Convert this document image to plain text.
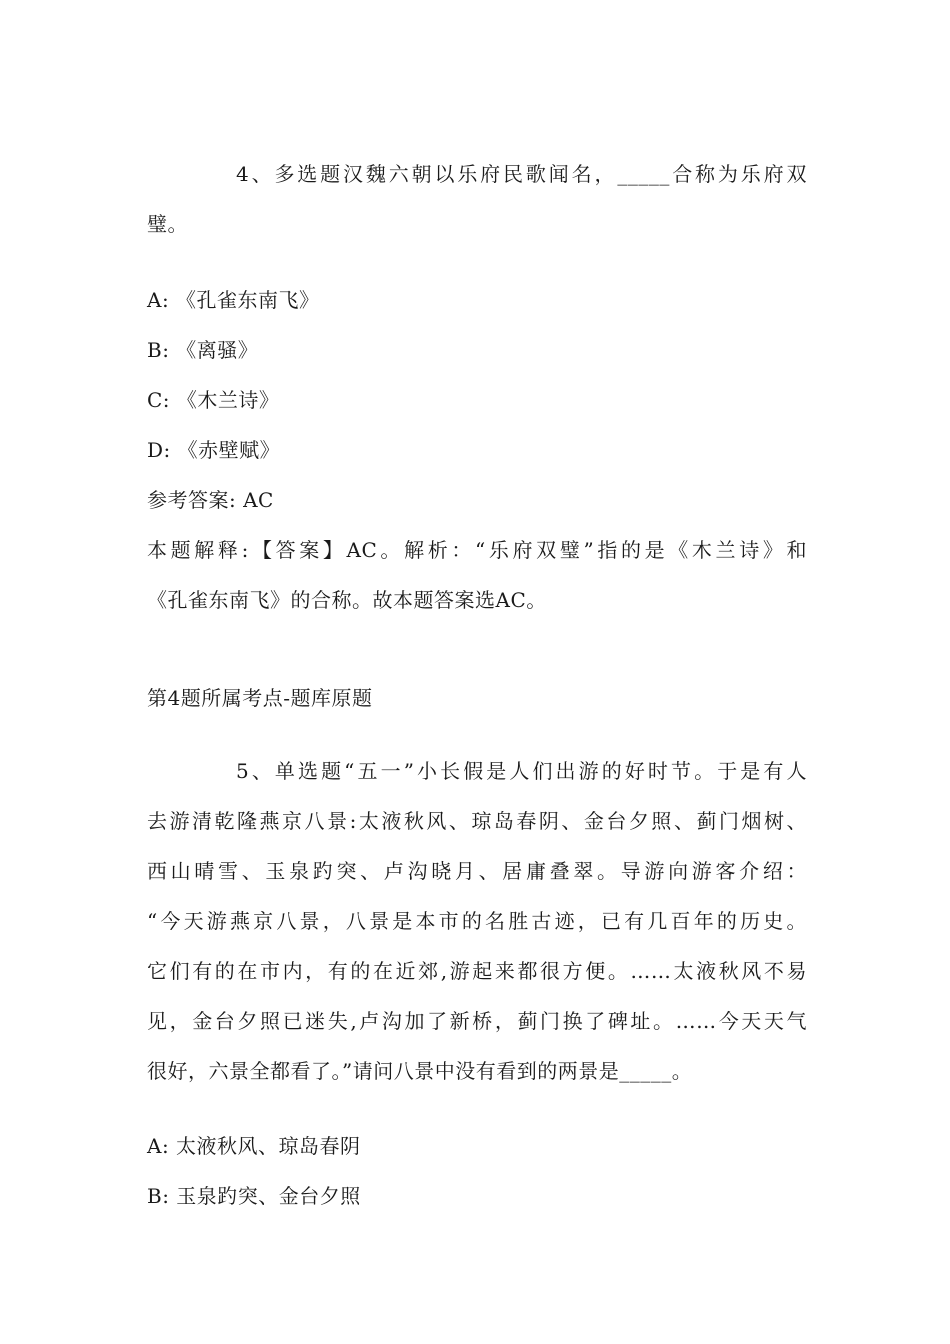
4、多选题汉魏六朝以乐府民歌闻名，_____合称为乐府双
璧。
A: 《孔雀东南飞》
B: 《离骚》
C: 《木兰诗》
D: 《赤壁赋》
参考答案: AC
本题解释:【答案】AC。解析：“乐府双璧”指的是《木兰诗》和
《孔雀东南飞》的合称。故本题答案选AC。
第4题所属考点-题库原题
5、单选题“五一”小长假是人们出游的好时节。于是有人
去游清乾隆燕京八景:太液秋风、琼岛春阴、金台夕照、蓟门烟树、
西山晴雪、玉泉趵突、卢沟晓月、居庸叠翠。导游向游客介绍：
“今天游燕京八景，八景是本市的名胜古迹，已有几百年的历史。
它们有的在市内，有的在近郊,游起来都很方便。……太液秋风不易
见，金台夕照已迷失,卢沟加了新桥，蓟门换了碑址。……今天天气
很好，六景全都看了。”请问八景中没有看到的两景是_____。
A: 太液秋风、琼岛春阴
B: 玉泉趵突、金台夕照
